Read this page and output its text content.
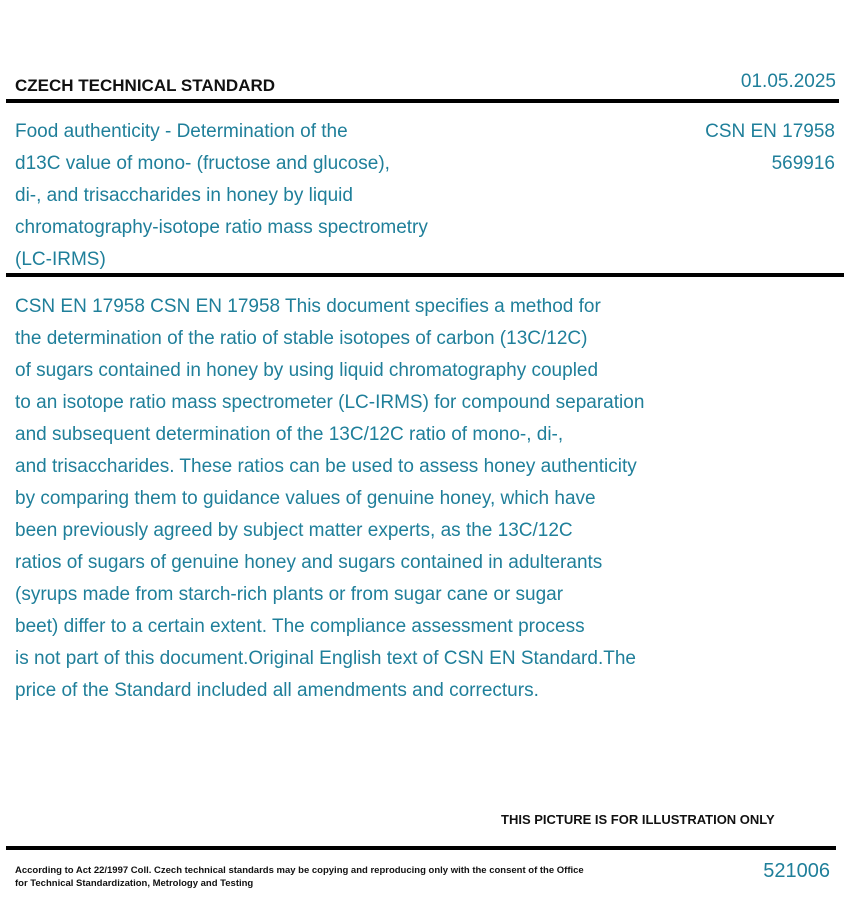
CZECH TECHNICAL STANDARD	01.05.2025
Food authenticity - Determination of the
d13C value of mono- (fructose and glucose),
di-, and trisaccharides in honey by liquid
chromatography-isotope ratio mass spectrometry
(LC-IRMS)
CSN EN 17958
569916
CSN EN 17958 CSN EN 17958 This document specifies a method for
the determination of the ratio of stable isotopes of carbon (13C/12C)
of sugars contained in honey by using liquid chromatography coupled
to an isotope ratio mass spectrometer (LC-IRMS) for compound separation
and subsequent determination of the 13C/12C ratio of mono-, di-,
and trisaccharides. These ratios can be used to assess honey authenticity
by comparing them to guidance values of genuine honey, which have
been previously agreed by subject matter experts, as the 13C/12C
ratios of sugars of genuine honey and sugars contained in adulterants
(syrups made from starch-rich plants or from sugar cane or sugar
beet) differ to a certain extent. The compliance assessment process
is not part of this document.Original English text of CSN EN Standard.The
price of the Standard included all amendments and correcturs.
THIS PICTURE IS FOR ILLUSTRATION ONLY
According to Act 22/1997 Coll. Czech technical standards may be copying and reproducing only with the consent of the Office
for Technical Standardization, Metrology and Testing
521006
